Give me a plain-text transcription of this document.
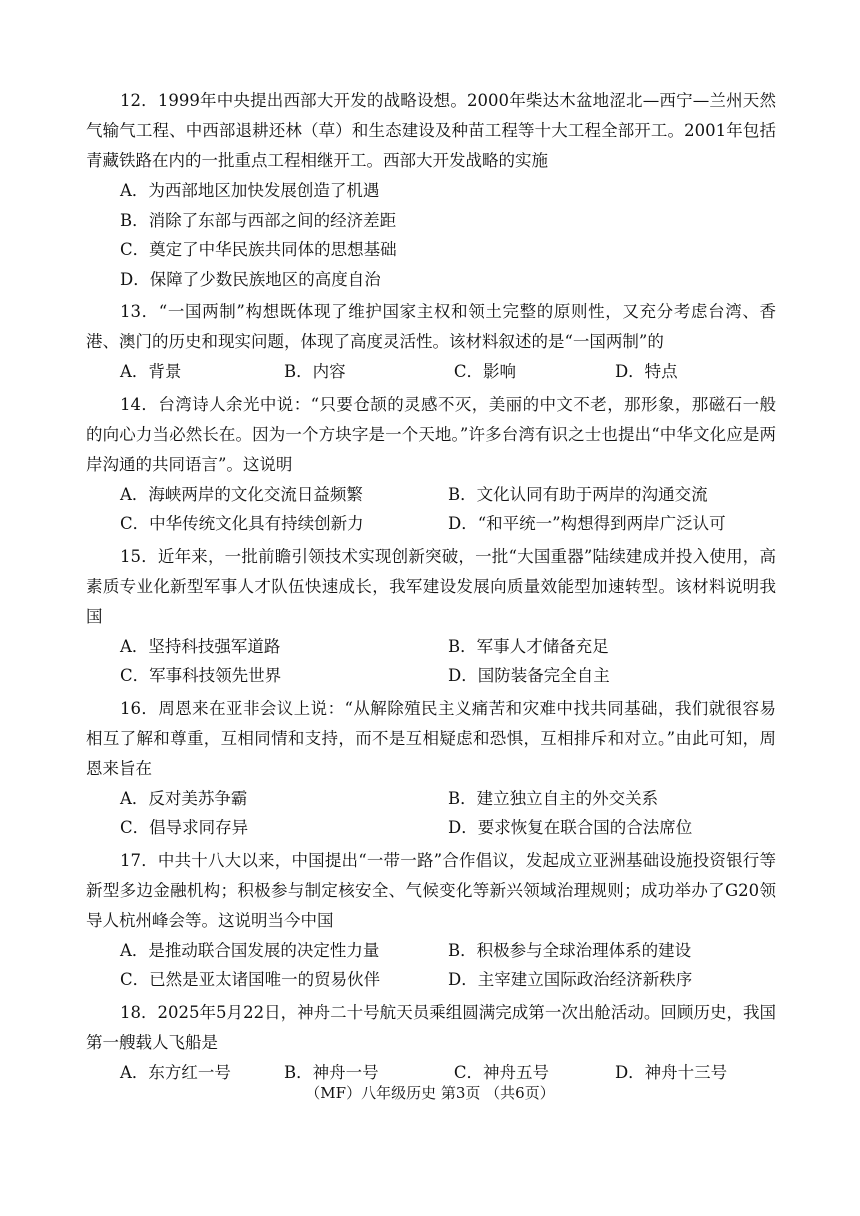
12．1999年中央提出西部大开发的战略设想。2000年柴达木盆地涩北—西宁—兰州天然气输气工程、中西部退耕还林（草）和生态建设及种苗工程等十大工程全部开工。2001年包括青藏铁路在内的一批重点工程相继开工。西部大开发战略的实施
A．为西部地区加快发展创造了机遇
B．消除了东部与西部之间的经济差距
C．奠定了中华民族共同体的思想基础
D．保障了少数民族地区的高度自治
13．“一国两制”构想既体现了维护国家主权和领土完整的原则性，又充分考虑台湾、香港、澳门的历史和现实问题，体现了高度灵活性。该材料叙述的是“一国两制”的
A．背景	B．内容	C．影响	D．特点
14．台湾诗人余光中说：“只要仓颉的灵感不灭，美丽的中文不老，那形象，那磁石一般的向心力当必然长在。因为一个方块字是一个天地。”许多台湾有识之士也提出“中华文化应是两岸沟通的共同语言”。这说明
A．海峡两岸的文化交流日益频繁	B．文化认同有助于两岸的沟通交流
C．中华传统文化具有持续创新力	D．“和平统一”构想得到两岸广泛认可
15．近年来，一批前瞻引领技术实现创新突破，一批“大国重器”陆续建成并投入使用，高素质专业化新型军事人才队伍快速成长，我军建设发展向质量效能型加速转型。该材料说明我国
A．坚持科技强军道路	B．军事人才储备充足
C．军事科技领先世界	D．国防装备完全自主
16．周恩来在亚非会议上说：“从解除殖民主义痛苦和灾难中找共同基础，我们就很容易相互了解和尊重，互相同情和支持，而不是互相疑虑和恐惧，互相排斥和对立。”由此可知，周恩来旨在
A．反对美苏争霸	B．建立独立自主的外交关系
C．倡导求同存异	D．要求恢复在联合国的合法席位
17．中共十八大以来，中国提出“一带一路”合作倡议，发起成立亚洲基础设施投资银行等新型多边金融机构；积极参与制定核安全、气候变化等新兴领域治理规则；成功举办了G20领导人杭州峰会等。这说明当今中国
A．是推动联合国发展的决定性力量	B．积极参与全球治理体系的建设
C．已然是亚太诸国唯一的贸易伙伴	D．主宰建立国际政治经济新秩序
18．2025年5月22日，神舟二十号航天员乘组圆满完成第一次出舱活动。回顾历史，我国第一艘载人飞船是
A．东方红一号	B．神舟一号	C．神舟五号	D．神舟十三号
（MF）八年级历史 第3页 （共6页）
